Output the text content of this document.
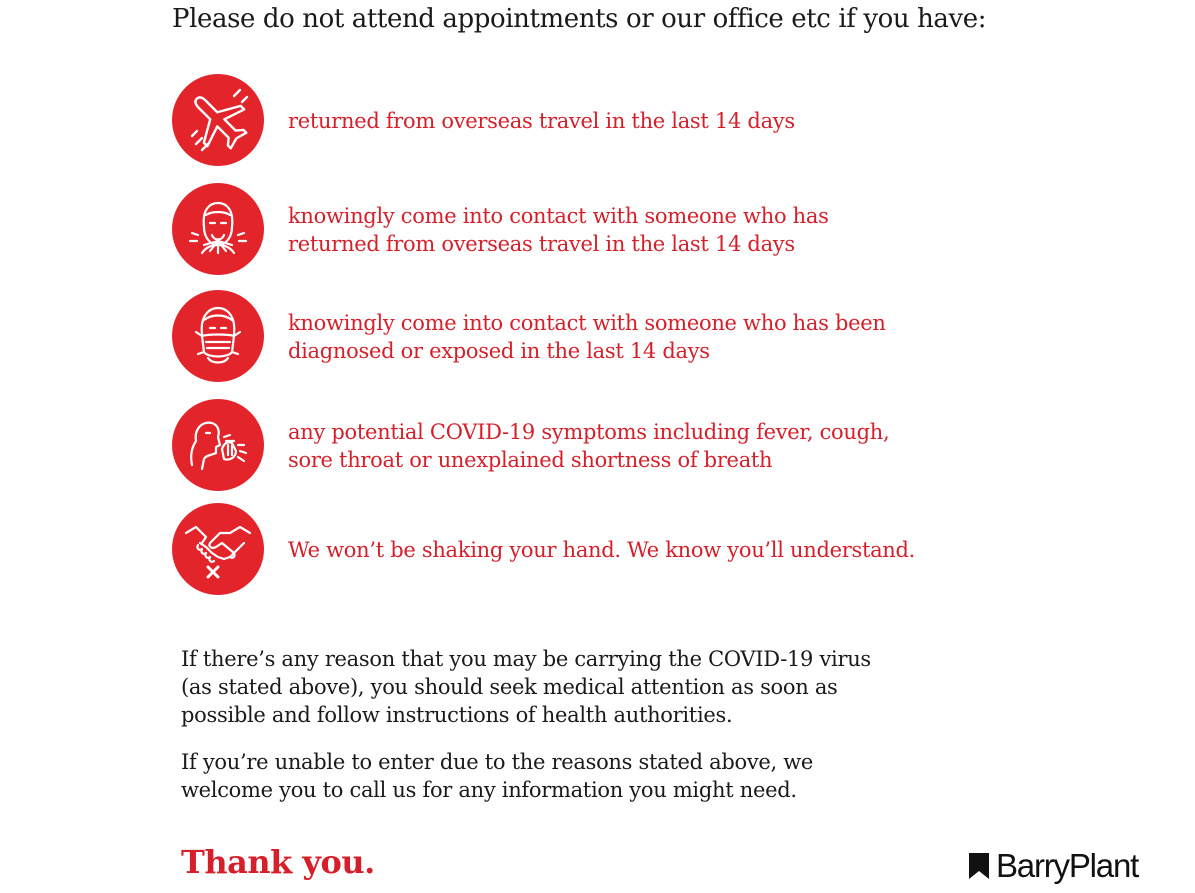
Please do not attend appointments or our office etc if you have:
returned from overseas travel in the last 14 days
knowingly come into contact with someone who has
returned from overseas travel in the last 14 days
knowingly come into contact with someone who has been
diagnosed or exposed in the last 14 days
any potential COVID-19 symptoms including fever, cough,
sore throat or unexplained shortness of breath
We won’t be shaking your hand. We know you’ll understand.

If there’s any reason that you may be carrying the COVID-19 virus
(as stated above), you should seek medical attention as soon as
possible and follow instructions of health authorities.

If you’re unable to enter due to the reasons stated above, we
welcome you to call us for any information you might need.

Thank you.	BarryPlant
